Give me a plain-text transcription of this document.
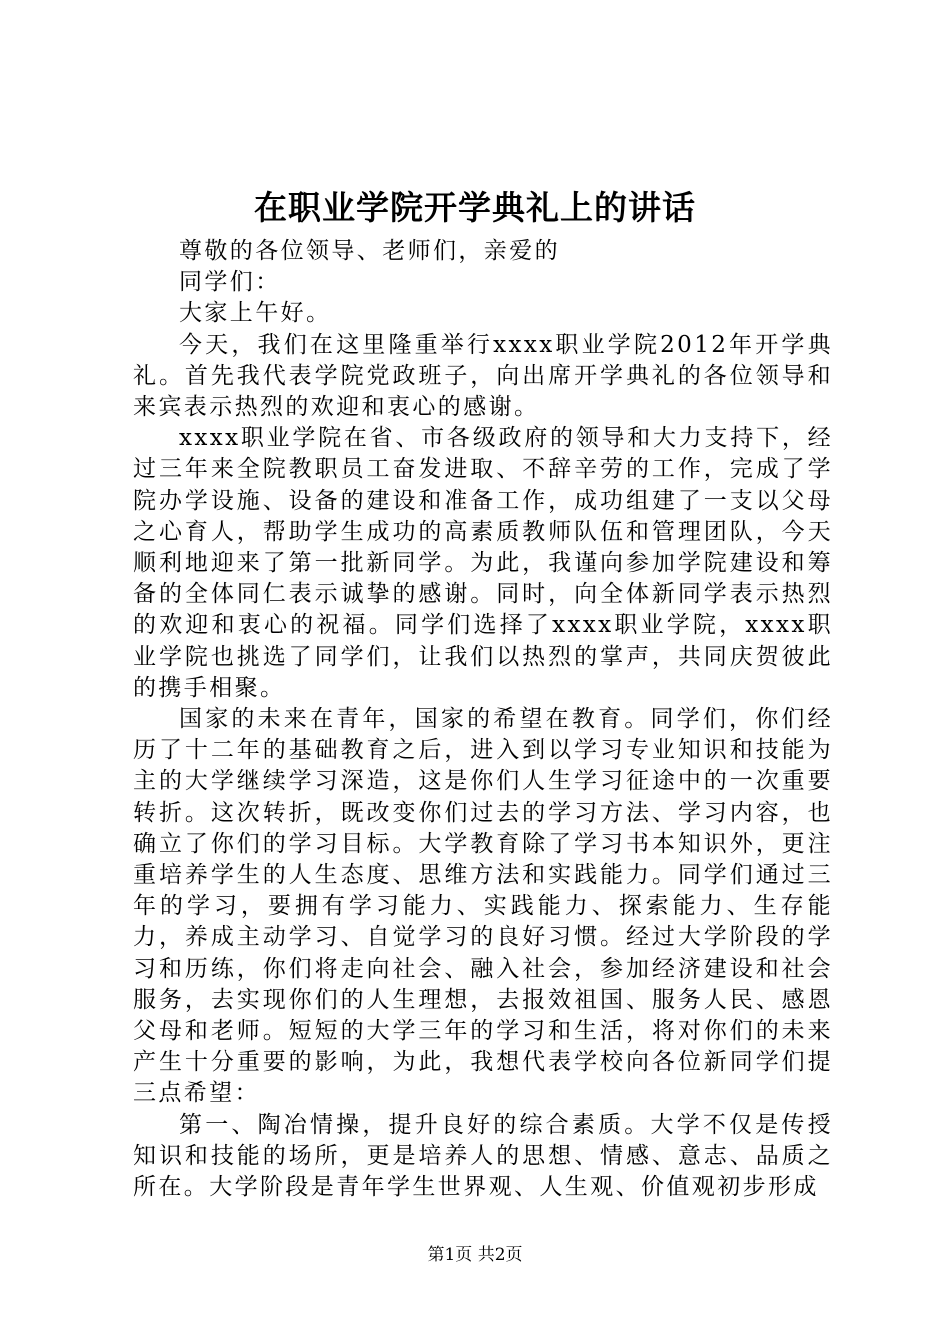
在职业学院开学典礼上的讲话

尊敬的各位领导、老师们，亲爱的

同学们：

大家上午好。

今天，我们在这里隆重举行xxxx职业学院2012年开学典礼。首先我代表学院党政班子，向出席开学典礼的各位领导和来宾表示热烈的欢迎和衷心的感谢。

xxxx职业学院在省、市各级政府的领导和大力支持下，经过三年来全院教职员工奋发进取、不辞辛劳的工作，完成了学院办学设施、设备的建设和准备工作，成功组建了一支以父母之心育人，帮助学生成功的高素质教师队伍和管理团队，今天顺利地迎来了第一批新同学。为此，我谨向参加学院建设和筹备的全体同仁表示诚挚的感谢。同时，向全体新同学表示热烈的欢迎和衷心的祝福。同学们选择了xxxx职业学院，xxxx职业学院也挑选了同学们，让我们以热烈的掌声，共同庆贺彼此的携手相聚。

国家的未来在青年，国家的希望在教育。同学们，你们经历了十二年的基础教育之后，进入到以学习专业知识和技能为主的大学继续学习深造，这是你们人生学习征途中的一次重要转折。这次转折，既改变你们过去的学习方法、学习内容，也确立了你们的学习目标。大学教育除了学习书本知识外，更注重培养学生的人生态度、思维方法和实践能力。同学们通过三年的学习，要拥有学习能力、实践能力、探索能力、生存能力，养成主动学习、自觉学习的良好习惯。经过大学阶段的学习和历练，你们将走向社会、融入社会，参加经济建设和社会服务，去实现你们的人生理想，去报效祖国、服务人民、感恩父母和老师。短短的大学三年的学习和生活，将对你们的未来产生十分重要的影响，为此，我想代表学校向各位新同学们提三点希望：

第一、陶冶情操，提升良好的综合素质。大学不仅是传授知识和技能的场所，更是培养人的思想、情感、意志、品质之所在。大学阶段是青年学生世界观、人生观、价值观初步形成

第1页 共2页
